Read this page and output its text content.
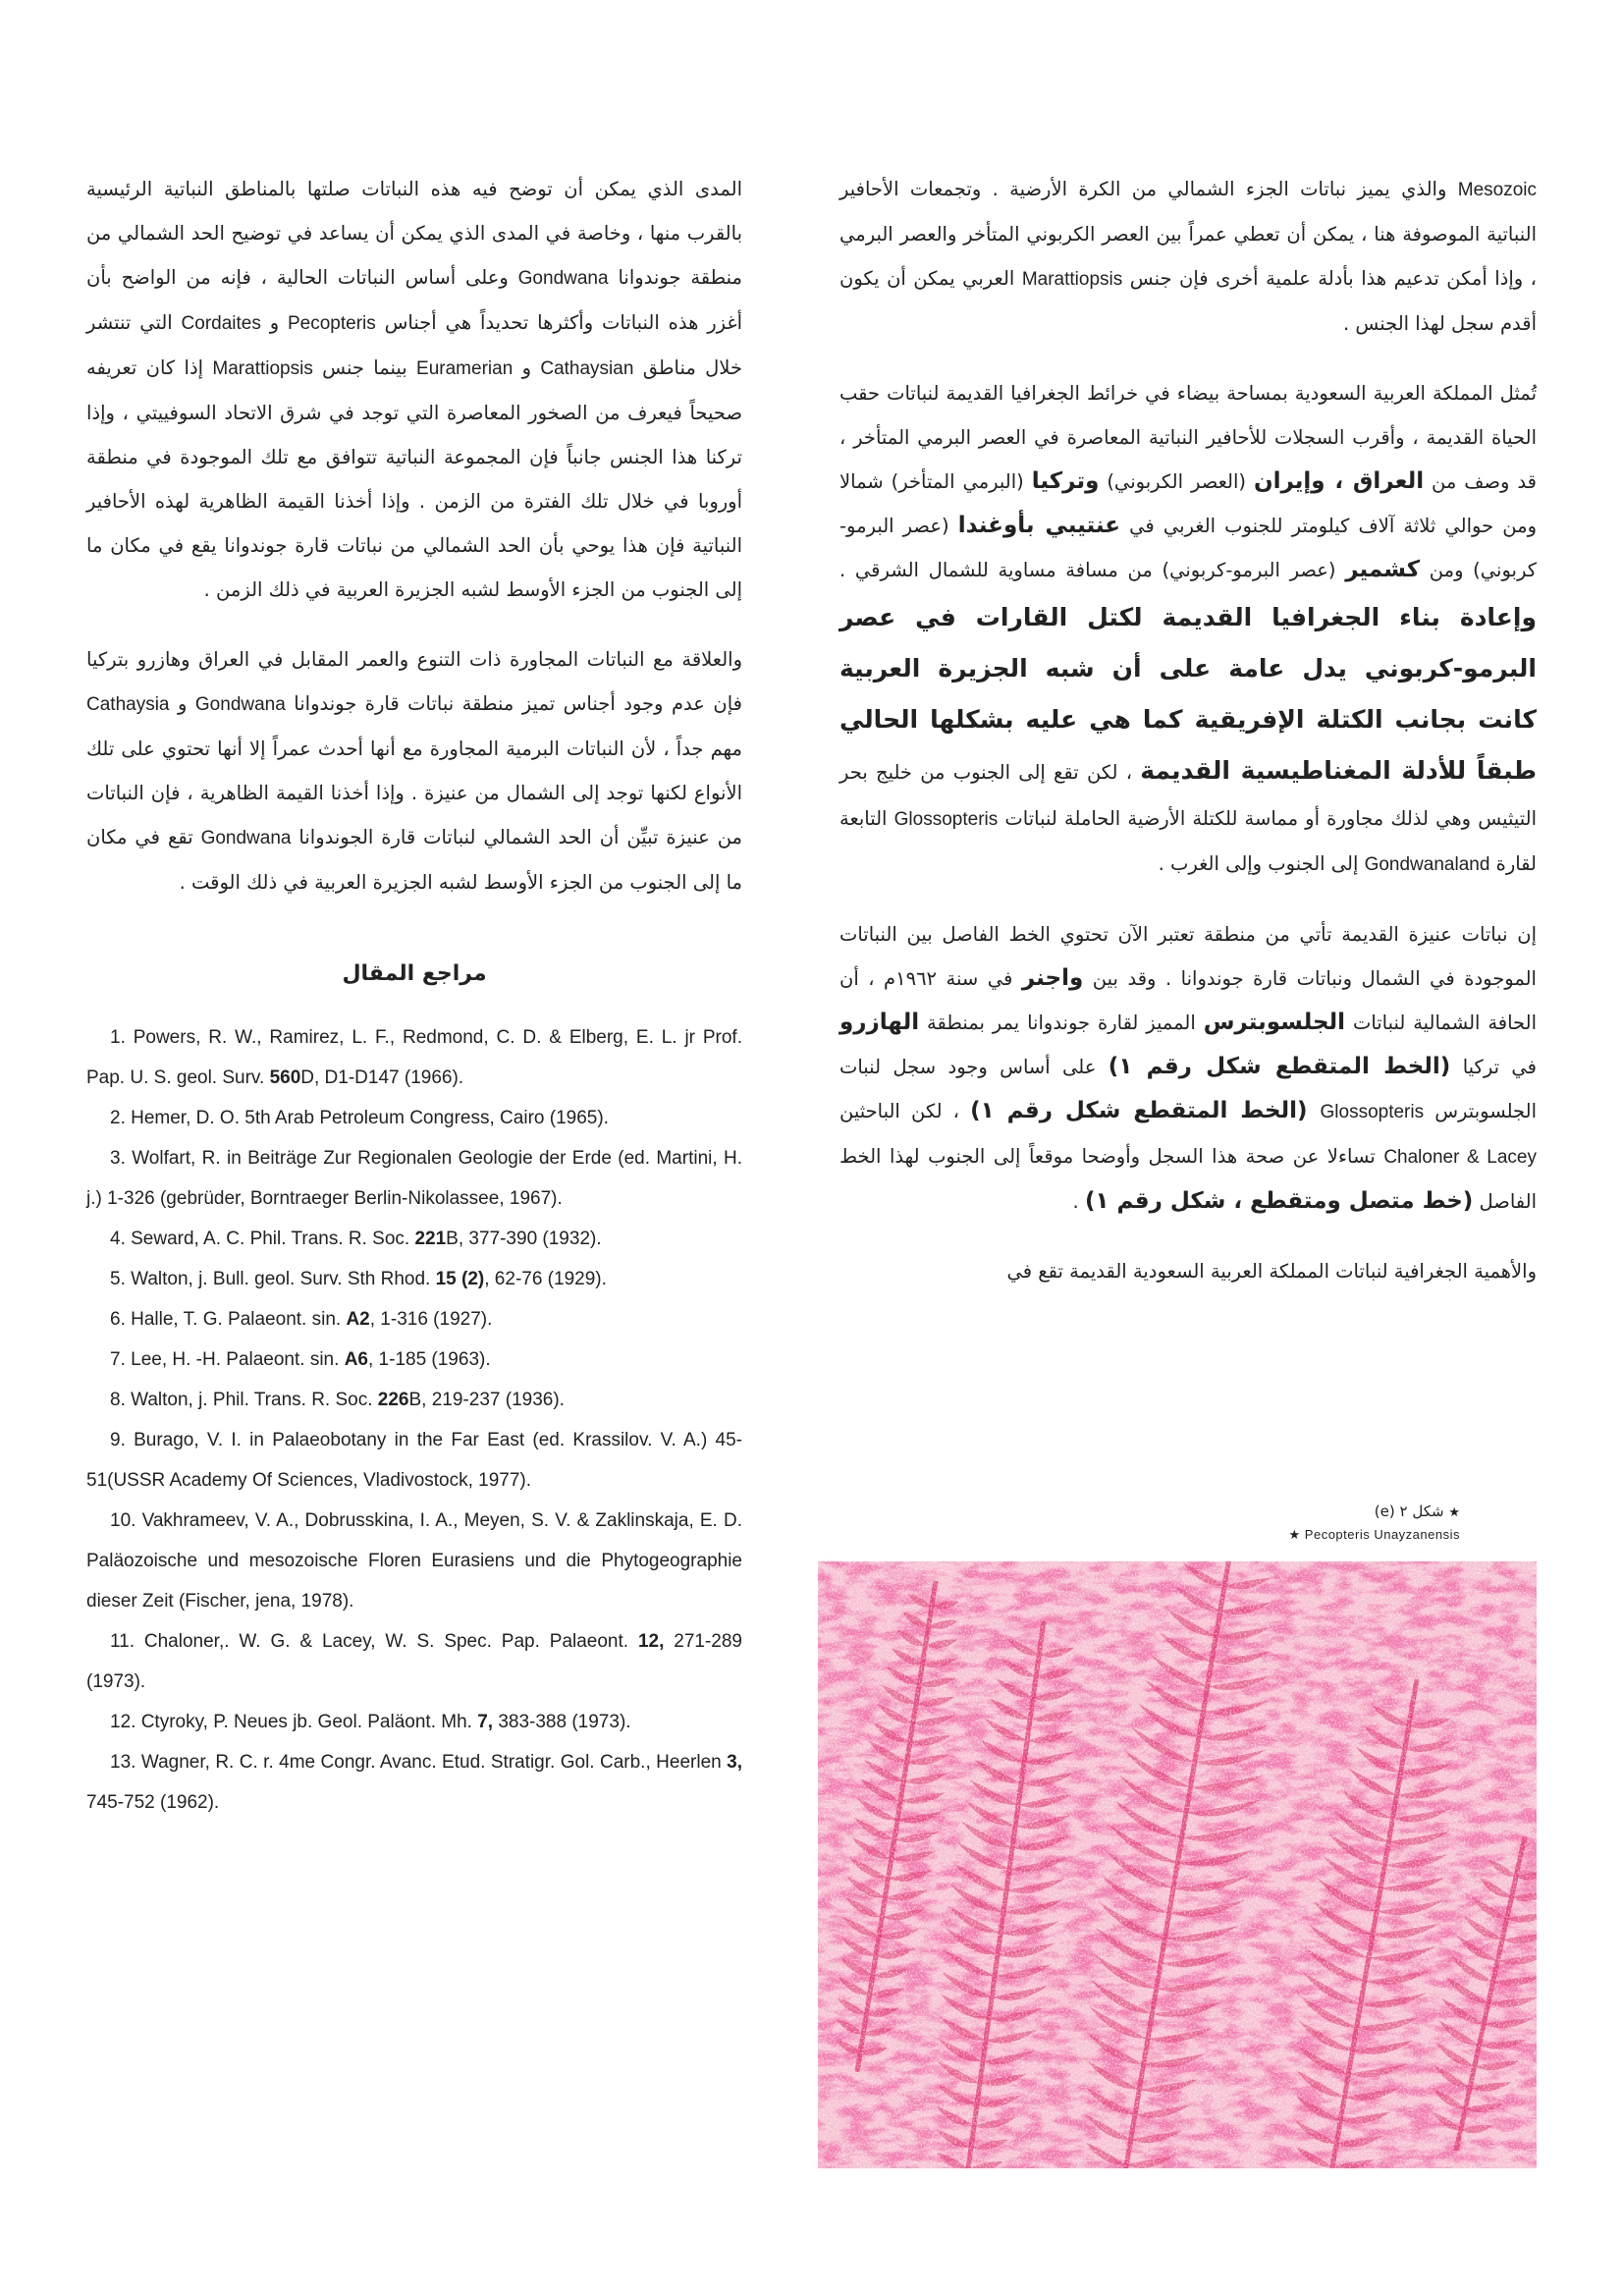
Mesozoic والذي يميز نباتات الجزء الشمالي من الكرة الأرضية . وتجمعات الأحافير النباتية الموصوفة هنا ، يمكن أن تعطي عمراً بين العصر الكربوني المتأخر والعصر البرمي ، وإذا أمكن تدعيم هذا بأدلة علمية أخرى فإن جنس Marattiopsis العربي يمكن أن يكون أقدم سجل لهذا الجنس .

تُمثل المملكة العربية السعودية بمساحة بيضاء في خرائط الجغرافيا القديمة لنباتات حقب الحياة القديمة ، وأقرب السجلات للأحافير النباتية المعاصرة في العصر البرمي المتأخر ، قد وصف من العراق ، وإيران (العصر الكربوني) وتركيا (البرمي المتأخر) شمالا ومن حوالي ثلاثة آلاف كيلومتر للجنوب الغربي في عنتيبي بأوغندا (عصر البرمو-كربوني) ومن كشمير (عصر البرمو-كربوني) من مسافة مساوية للشمال الشرقي . وإعادة بناء الجغرافيا القديمة لكتل القارات في عصر البرمو-كربوني يدل عامة على أن شبه الجزيرة العربية كانت بجانب الكتلة الإفريقية كما هي عليه بشكلها الحالي طبقاً للأدلة المغناطيسية القديمة ، لكن تقع إلى الجنوب من خليج بحر التيثيس وهي لذلك مجاورة أو مماسة للكتلة الأرضية الحاملة لنباتات Glossopteris التابعة لقارة Gondwanaland إلى الجنوب وإلى الغرب .

إن نباتات عنيزة القديمة تأتي من منطقة تعتبر الآن تحتوي الخط الفاصل بين النباتات الموجودة في الشمال ونباتات قارة جوندوانا . وقد بين واجنر في سنة ١٩٦٢م ، أن الحافة الشمالية لنباتات الجلسوبترس المميز لقارة جوندوانا يمر بمنطقة الهازرو في تركيا (الخط المتقطع شكل رقم ١) على أساس وجود سجل لنبات الجلسوبترس Glossopteris (الخط المتقطع شكل رقم ١) ، لكن الباحثين Chaloner & Lacey تساءلا عن صحة هذا السجل وأوضحا موقعاً إلى الجنوب لهذا الخط الفاصل (خط متصل ومتقطع ، شكل رقم ١) .

والأهمية الجغرافية لنباتات المملكة العربية السعودية القديمة تقع في

المدى الذي يمكن أن توضح فيه هذه النباتات صلتها بالمناطق النباتية الرئيسية بالقرب منها ، وخاصة في المدى الذي يمكن أن يساعد في توضيح الحد الشمالي من منطقة جوندوانا Gondwana وعلى أساس النباتات الحالية ، فإنه من الواضح بأن أغزر هذه النباتات وأكثرها تحديداً هي أجناس Pecopteris و Cordaites التي تنتشر خلال مناطق Cathaysian و Euramerian بينما جنس Marattiopsis إذا كان تعريفه صحيحاً فيعرف من الصخور المعاصرة التي توجد في شرق الاتحاد السوفييتي ، وإذا تركنا هذا الجنس جانباً فإن المجموعة النباتية تتوافق مع تلك الموجودة في منطقة أوروبا في خلال تلك الفترة من الزمن . وإذا أخذنا القيمة الظاهرية لهذه الأحافير النباتية فإن هذا يوحي بأن الحد الشمالي من نباتات قارة جوندوانا يقع في مكان ما إلى الجنوب من الجزء الأوسط لشبه الجزيرة العربية في ذلك الزمن .

والعلاقة مع النباتات المجاورة ذات التنوع والعمر المقابل في العراق وهازرو بتركيا فإن عدم وجود أجناس تميز منطقة نباتات قارة جوندوانا Gondwana و Cathaysia مهم جداً ، لأن النباتات البرمية المجاورة مع أنها أحدث عمراً إلا أنها تحتوي على تلك الأنواع لكنها توجد إلى الشمال من عنيزة . وإذا أخذنا القيمة الظاهرية ، فإن النباتات من عنيزة تبيِّن أن الحد الشمالي لنباتات قارة الجوندوانا Gondwana تقع في مكان ما إلى الجنوب من الجزء الأوسط لشبه الجزيرة العربية في ذلك الوقت .

مراجع المقال
1. Powers, R. W., Ramirez, L. F., Redmond, C. D. & Elberg, E. L. jr Prof. Pap. U. S. geol. Surv. 560D, D1-D147 (1966).
2. Hemer, D. O. 5th Arab Petroleum Congress, Cairo (1965).
3. Wolfart, R. in Beiträge Zur Regionalen Geologie der Erde (ed. Martini, H. j.) 1-326 (gebrüder, Borntraeger Berlin-Nikolassee, 1967).
4. Seward, A. C. Phil. Trans. R. Soc. 221B, 377-390 (1932).
5. Walton, j. Bull. geol. Surv. Sth Rhod. 15 (2), 62-76 (1929).
6. Halle, T. G. Palaeont. sin. A2, 1-316 (1927).
7. Lee, H. -H. Palaeont. sin. A6, 1-185 (1963).
8. Walton, j. Phil. Trans. R. Soc. 226B, 219-237 (1936).
9. Burago, V. I. in Palaeobotany in the Far East (ed. Krassilov. V. A.) 45-51(USSR Academy Of Sciences, Vladivostock, 1977).
10. Vakhrameev, V. A., Dobrusskina, I. A., Meyen, S. V. & Zaklinskaja, E. D. Paläozoische und mesozoische Floren Eurasiens und die Phytogeographie dieser Zeit (Fischer, jena, 1978).
11. Chaloner,. W. G. & Lacey, W. S. Spec. Pap. Palaeont. 12, 271-289 (1973).
12. Ctyroky, P. Neues jb. Geol. Paläont. Mh. 7, 383-388 (1973).
13. Wagner, R. C. r. 4me Congr. Avanc. Etud. Stratigr. Gol. Carb., Heerlen 3, 745-752 (1962).
★ شكل ٢ (e)
★ Pecopteris Unayzanensis
